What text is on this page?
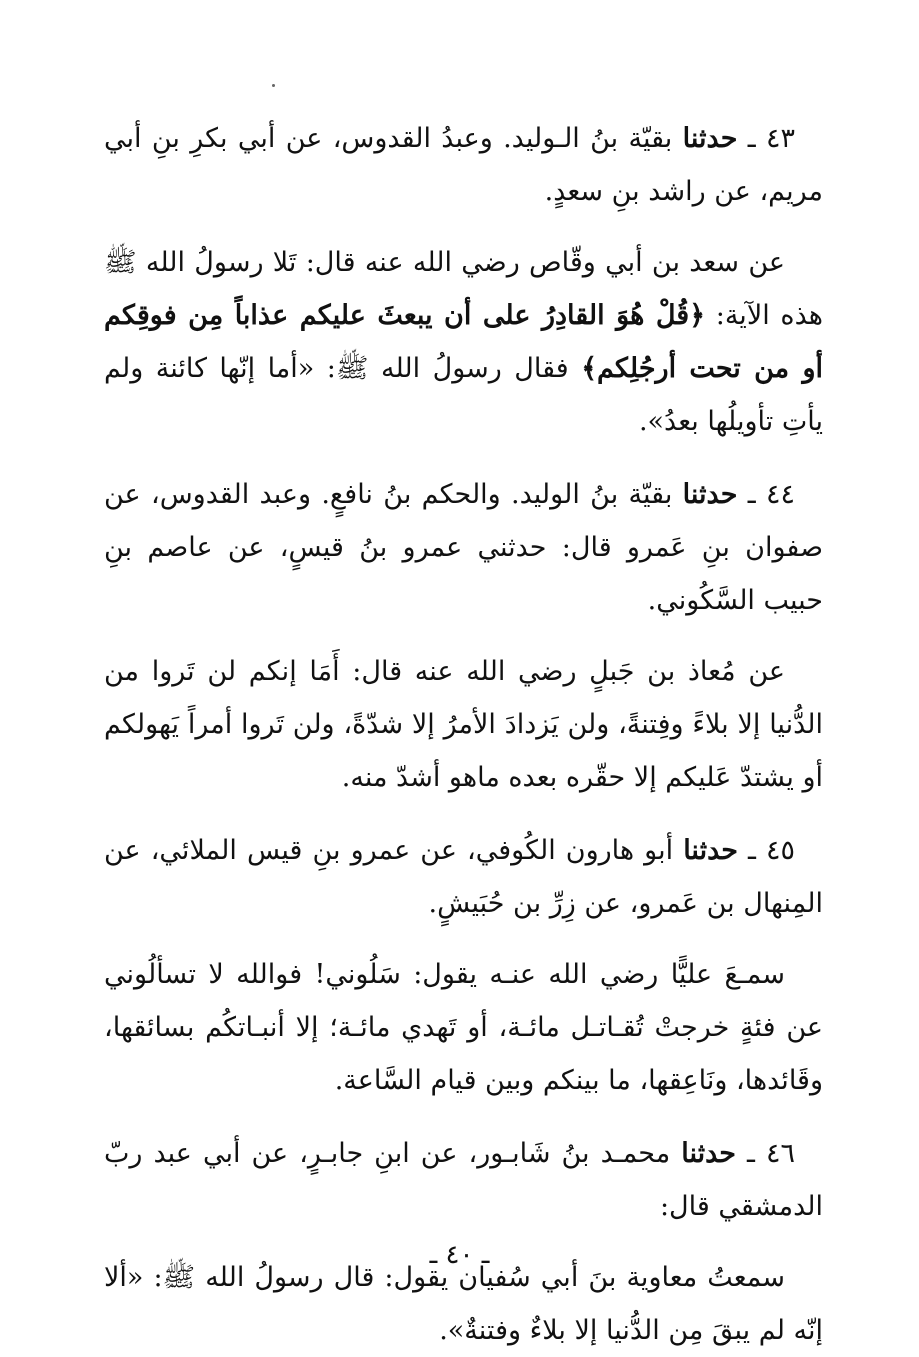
٤٣ ـ حدثنا بقيّة بنُ الـوليد. وعبدُ القدوس، عن أبي بكرِ بنِ أبي مريم، عن راشد بنِ سعدٍ.

عن سعد بن أبي وقّاص رضي الله عنه قال: تَلا رسولُ الله ﷺ هذه الآية: ﴿قُلْ هُوَ القادِرُ على أن يبعثَ عليكم عذاباً مِن فوقِكم أو من تحت أرجُلِكم﴾ فقال رسولُ الله ﷺ: «أما إنّها كائنة ولم يأتِ تأويلُها بعدُ».

٤٤ ـ حدثنا بقيّة بنُ الوليد. والحكم بنُ نافعٍ. وعبد القدوس، عن صفوان بنِ عَمرو قال: حدثني عمرو بنُ قيسٍ، عن عاصم بنِ حبيب السَّكُوني.

عن مُعاذ بن جَبلٍ رضي الله عنه قال: أَمَا إنكم لن تَروا من الدُّنيا إلا بلاءً وفِتنةً، ولن يَزدادَ الأمرُ إلا شدّةً، ولن تَروا أمراً يَهولكم أو يشتدّ عَليكم إلا حقّره بعده ماهو أشدّ منه.

٤٥ ـ حدثنا أبو هارون الكُوفي، عن عمرو بنِ قيس الملائي، عن المِنهال بن عَمرو، عن زِرِّ بن حُبَيشٍ.

سمـعَ عليًّا رضي الله عنـه يقول: سَلُوني! فوالله لا تسألُوني عن فئةٍ خرجتْ تُقـاتـل مائـة، أو تَهدي مائـة؛ إلا أنبـاتكُم بسائقها، وقَائدها، ونَاعِقها، ما بينكم وبين قيام السَّاعة.

٤٦ ـ حدثنا محمـد بنُ شَابـور، عن ابنِ جابـرٍ، عن أبي عبد ربّ الدمشقي قال:

سمعتُ معاوية بنَ أبي سُفيان يقول: قال رسولُ الله ﷺ: «ألا إنّه لم يبقَ مِن الدُّنيا إلا بلاءٌ وفتنةٌ».

ـ ٤٠ ـ
